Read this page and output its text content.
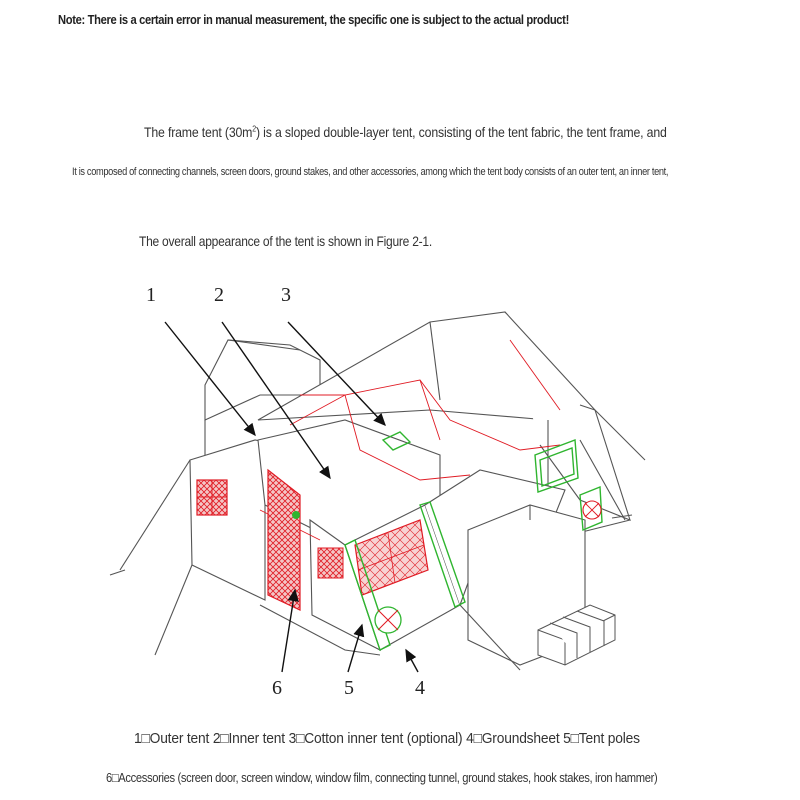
Note: There is a certain error in manual measurement, the specific one is subject to the actual product!
The frame tent $(30m^2)$ is a sloped double-layer tent, consisting of the tent fabric, the tent frame, and
It is composed of connecting channels, screen doors, ground stakes, and other accessories, among which the tent body consists of an outer tent, an inner tent,
The overall appearance of the tent is shown in Figure 2-1.
1	2	3
4
5
6
1□Outer tent 2□Inner tent 3□Cotton inner tent (optional) 4□Groundsheet 5□Tent poles
6□Accessories (screen door, screen window, window film, connecting tunnel, ground stakes, hook stakes, iron hammer)
